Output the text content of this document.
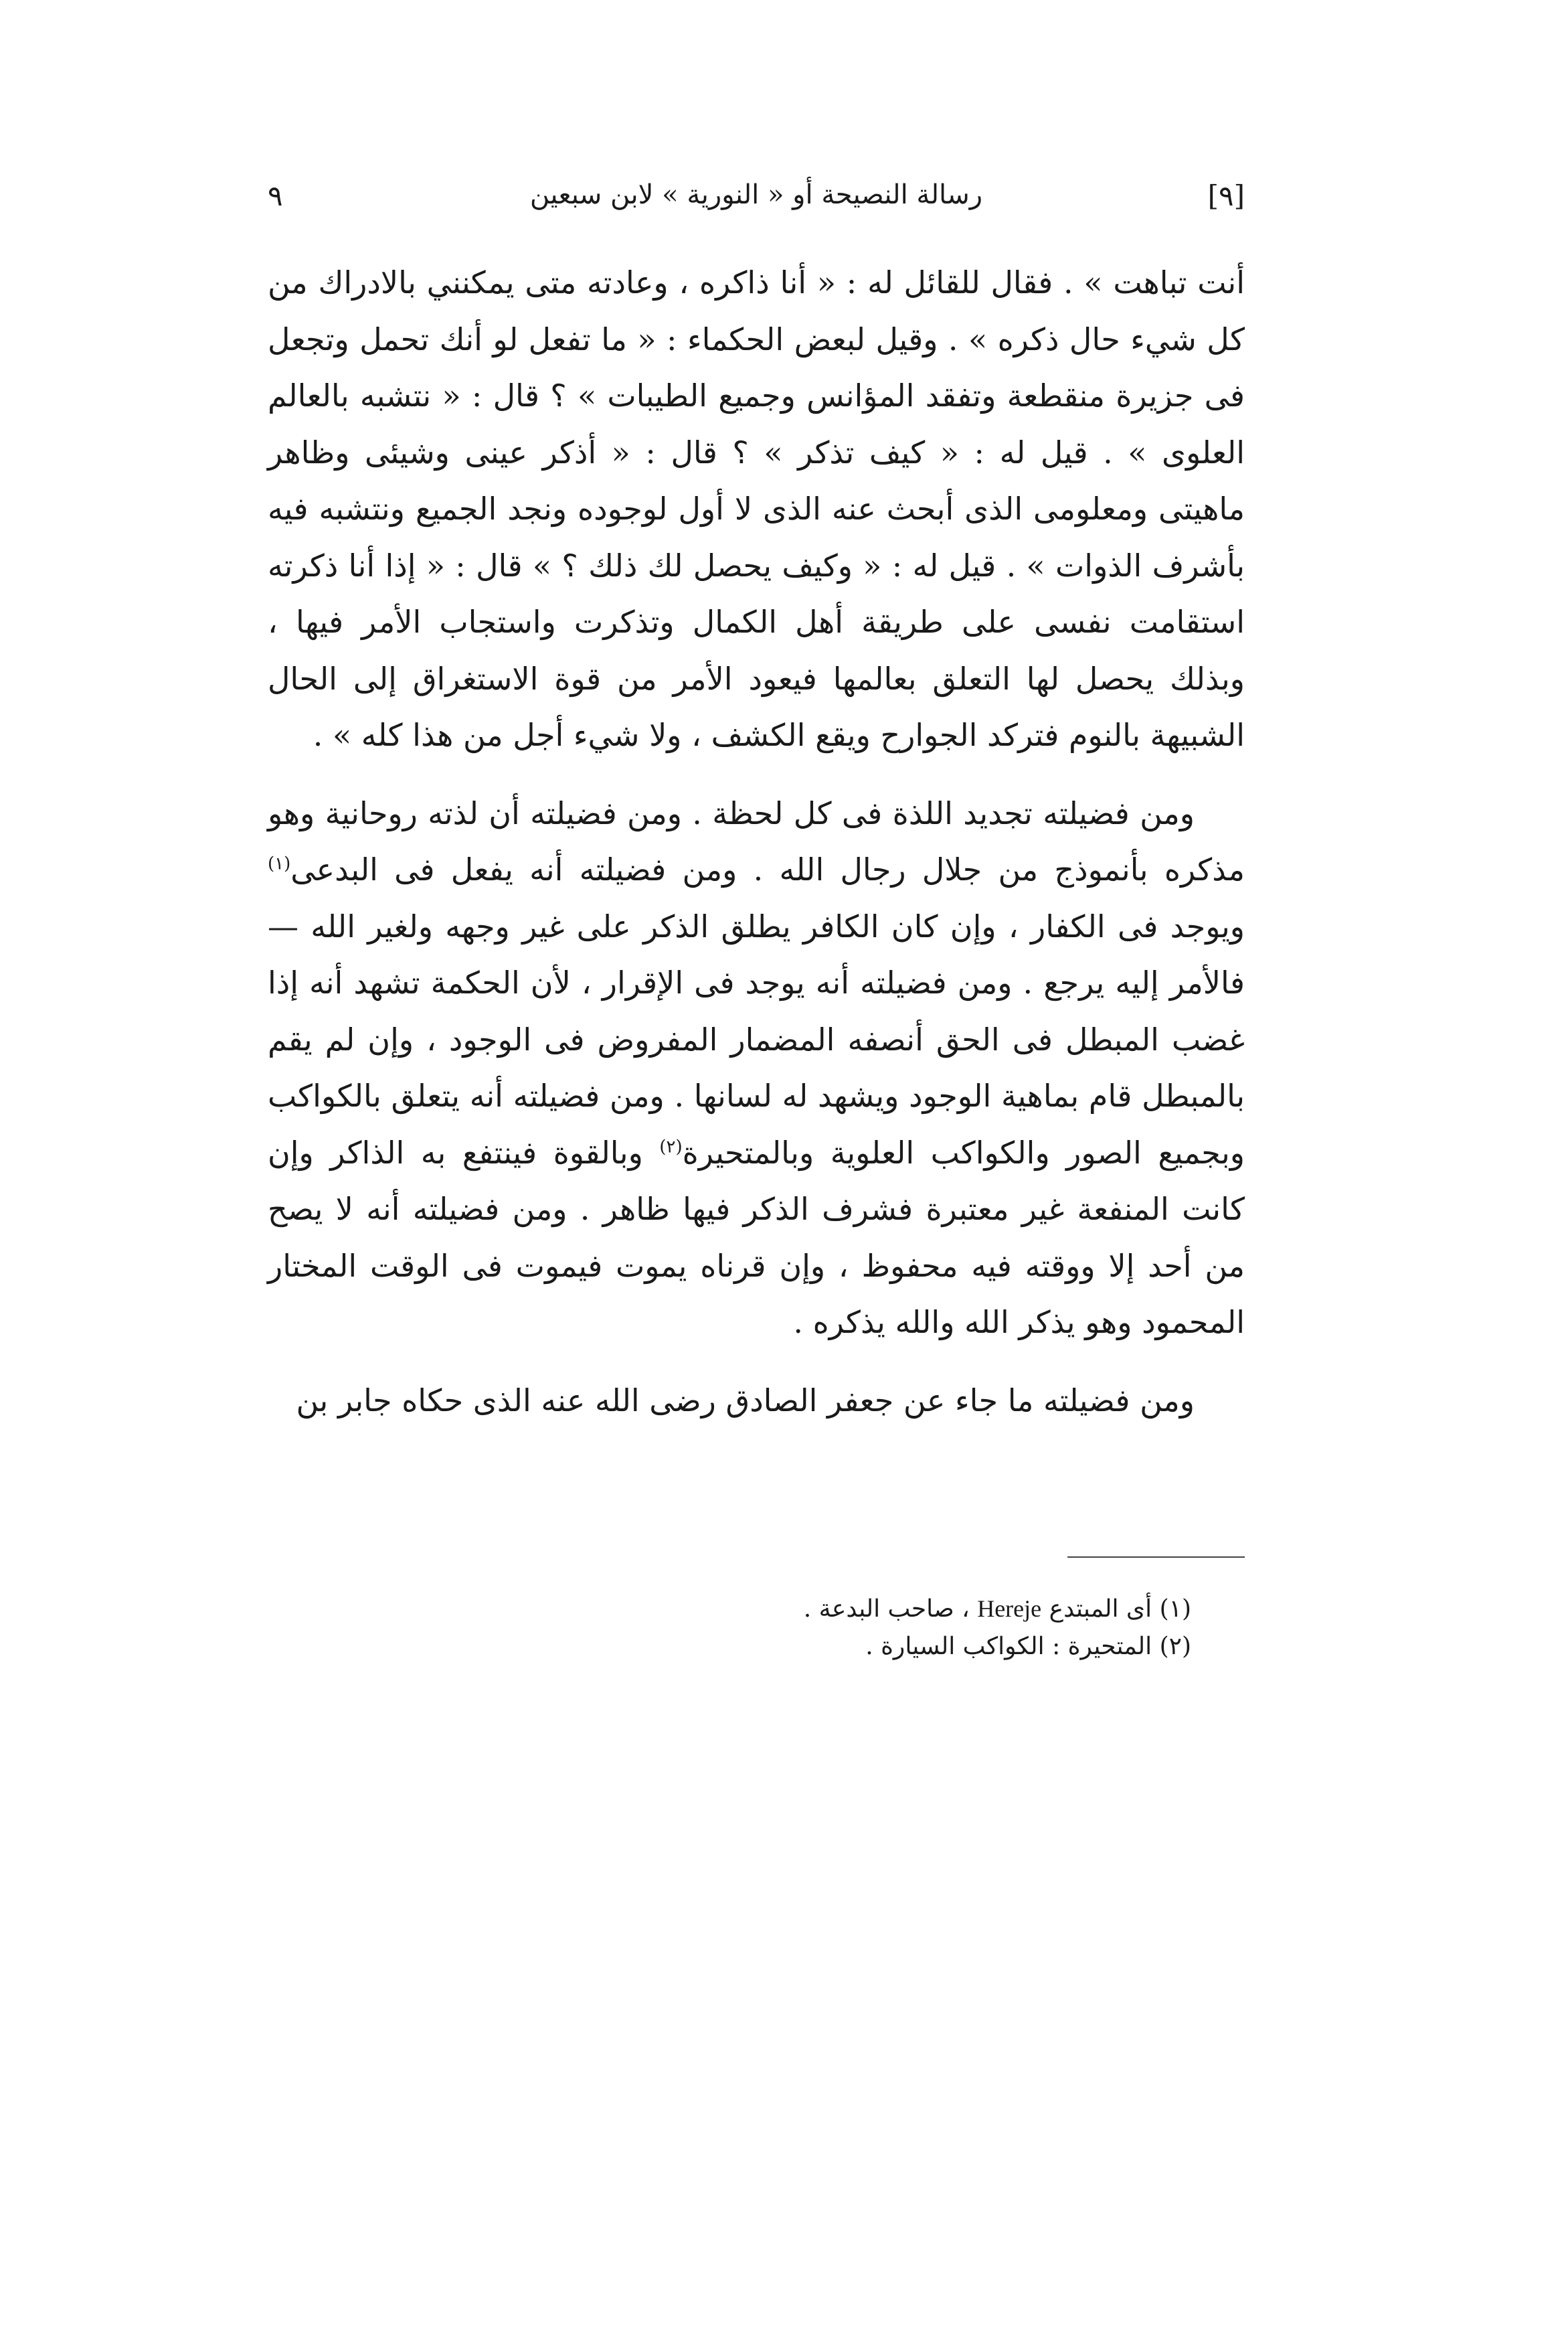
[٩]
رسالة النصيحة أو « النورية » لابن سبعين
٩

أنت تباهت » . فقال للقائل له : « أنا ذاكره ، وعادته متى يمكنني بالادراك من كل شيء حال ذكره » . وقيل لبعض الحكماء : « ما تفعل لو أنك تحمل وتجعل فى جزيرة منقطعة وتفقد المؤانس وجميع الطيبات » ؟ قال : « نتشبه بالعالم العلوى » . قيل له : « كيف تذكر » ؟ قال : « أذكر عينى وشيئى وظاهر ماهيتى ومعلومى الذى أبحث عنه الذى لا أول لوجوده ونجد الجميع ونتشبه فيه بأشرف الذوات » . قيل له : « وكيف يحصل لك ذلك ؟ » قال : « إذا أنا ذكرته استقامت نفسى على طريقة أهل الكمال وتذكرت واستجاب الأمر فيها ، وبذلك يحصل لها التعلق بعالمها فيعود الأمر من قوة الاستغراق إلى الحال الشبيهة بالنوم فتركد الجوارح ويقع الكشف ، ولا شيء أجل من هذا كله » .

ومن فضيلته تجديد اللذة فى كل لحظة . ومن فضيلته أن لذته روحانية وهو مذكره بأنموذج من جلال رجال الله . ومن فضيلته أنه يفعل فى البدعى$^{(١)}$ ويوجد فى الكفار ، وإن كان الكافر يطلق الذكر على غير وجهه ولغير الله — فالأمر إليه يرجع . ومن فضيلته أنه يوجد فى الإقرار ، لأن الحكمة تشهد أنه إذا غضب المبطل فى الحق أنصفه المضمار المفروض فى الوجود ، وإن لم يقم بالمبطل قام بماهية الوجود ويشهد له لسانها . ومن فضيلته أنه يتعلق بالكواكب وبجميع الصور والكواكب العلوية وبالمتحيرة$^{(٢)}$ وبالقوة فينتفع به الذاكر وإن كانت المنفعة غير معتبرة فشرف الذكر فيها ظاهر . ومن فضيلته أنه لا يصح من أحد إلا ووقته فيه محفوظ ، وإن قرناه يموت فيموت فى الوقت المختار المحمود وهو يذكر الله والله يذكره .

ومن فضيلته ما جاء عن جعفر الصادق رضى الله عنه الذى حكاه جابر بن

(١) أى المبتدع Hereje ، صاحب البدعة .

(٢) المتحيرة : الكواكب السيارة .
